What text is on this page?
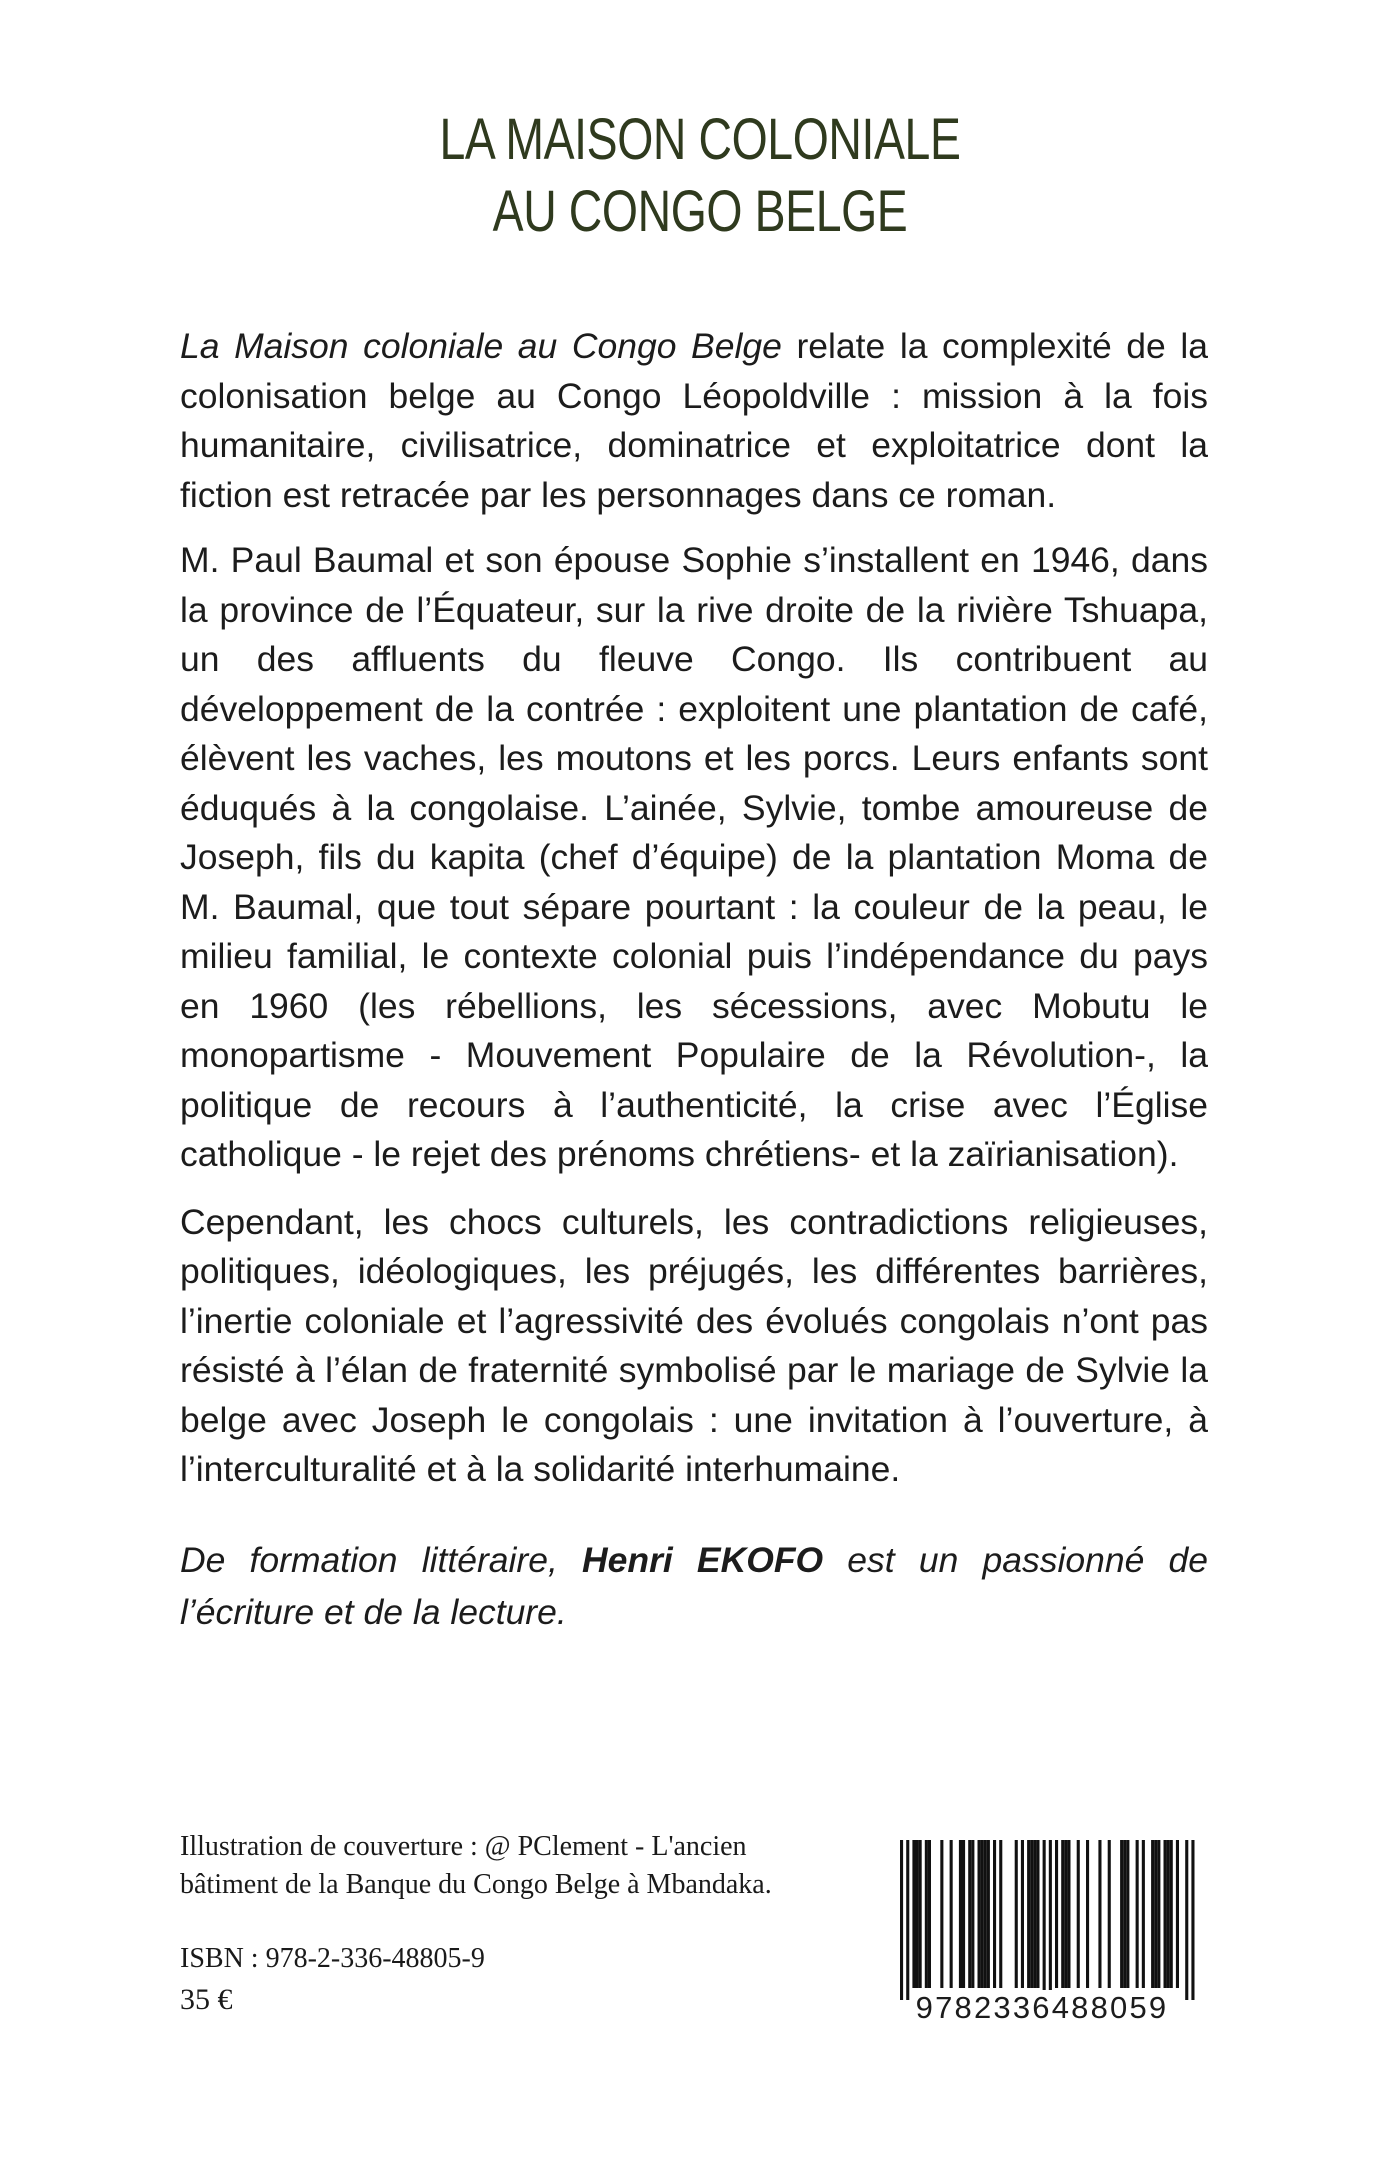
LA MAISON COLONIALE
AU CONGO BELGE

La Maison coloniale au Congo Belge relate la complexité de la colonisation belge au Congo Léopoldville : mission à la fois humanitaire, civilisatrice, dominatrice et exploitatrice dont la fiction est retracée par les personnages dans ce roman.

M. Paul Baumal et son épouse Sophie s’installent en 1946, dans la province de l’Équateur, sur la rive droite de la rivière Tshuapa, un des affluents du fleuve Congo. Ils contribuent au développement de la contrée : exploitent une plantation de café, élèvent les vaches, les moutons et les porcs. Leurs enfants sont éduqués à la congolaise. L’ainée, Sylvie, tombe amoureuse de Joseph, fils du kapita (chef d’équipe) de la plantation Moma de M. Baumal, que tout sépare pourtant : la couleur de la peau, le milieu familial, le contexte colonial puis l’indépendance du pays en 1960 (les rébellions, les sécessions, avec Mobutu le monopartisme - Mouvement Populaire de la Révolution-, la politique de recours à l’authenticité, la crise avec l’Église catholique - le rejet des prénoms chrétiens- et la zaïrianisation).

Cependant, les chocs culturels, les contradictions religieuses, politiques, idéologiques, les préjugés, les différentes barrières, l’inertie coloniale et l’agressivité des évolués congolais n’ont pas résisté à l’élan de fraternité symbolisé par le mariage de Sylvie la belge avec Joseph le congolais : une invitation à l’ouverture, à l’interculturalité et à la solidarité interhumaine.

De formation littéraire, Henri EKOFO est un passionné de l’écriture et de la lecture.
Illustration de couverture : @ PClement - L'ancien
bâtiment de la Banque du Congo Belge à Mbandaka.
ISBN : 978-2-336-48805-9
35 €	9782336488059
